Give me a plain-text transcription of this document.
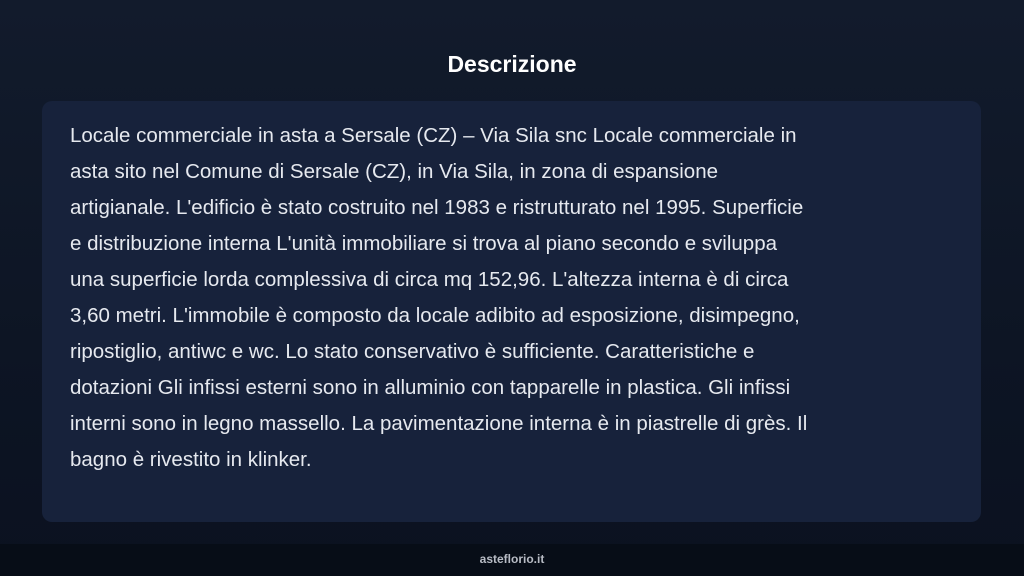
Descrizione
Locale commerciale in asta a Sersale (CZ) – Via Sila snc Locale commerciale in
asta sito nel Comune di Sersale (CZ), in Via Sila, in zona di espansione
artigianale. L'edificio è stato costruito nel 1983 e ristrutturato nel 1995. Superficie
e distribuzione interna L'unità immobiliare si trova al piano secondo e sviluppa
una superficie lorda complessiva di circa mq 152,96. L'altezza interna è di circa
3,60 metri. L'immobile è composto da locale adibito ad esposizione, disimpegno,
ripostiglio, antiwc e wc. Lo stato conservativo è sufficiente. Caratteristiche e
dotazioni Gli infissi esterni sono in alluminio con tapparelle in plastica. Gli infissi
interni sono in legno massello. La pavimentazione interna è in piastrelle di grès. Il
bagno è rivestito in klinker.
asteflorio.it
